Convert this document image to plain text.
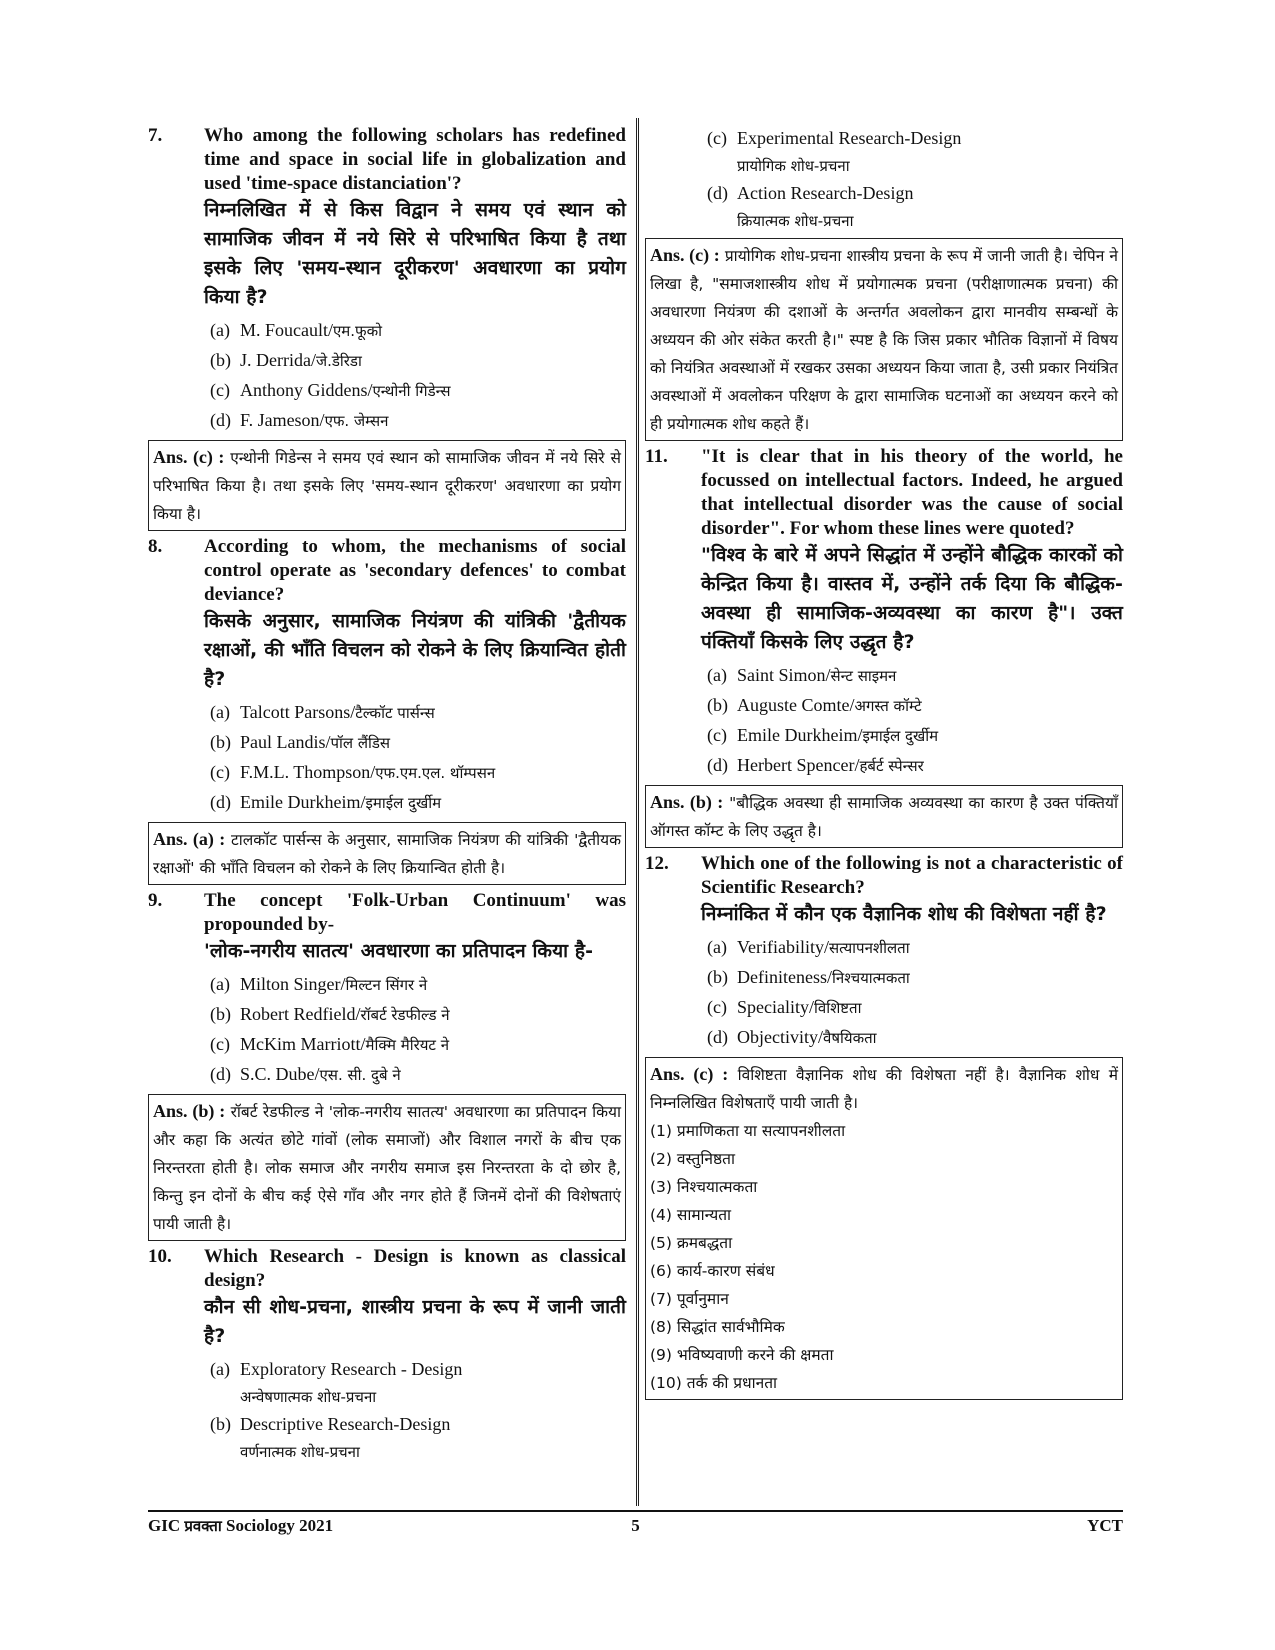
7. Who among the following scholars has redefined time and space in social life in globalization and used 'time-space distanciation'?
निम्नलिखित में से किस विद्वान ने समय एवं स्थान को सामाजिक जीवन में नये सिरे से परिभाषित किया है तथा इसके लिए 'समय-स्थान दूरीकरण' अवधारणा का प्रयोग किया है?
(a) M. Foucault/एम.फूको
(b) J. Derrida/जे.डेरिडा
(c) Anthony Giddens/एन्थोनी गिडेन्स
(d) F. Jameson/एफ. जेम्सन
Ans. (c) : एन्थोनी गिडेन्स ने समय एवं स्थान को सामाजिक जीवन में नये सिरे से परिभाषित किया है। तथा इसके लिए 'समय-स्थान दूरीकरण' अवधारणा का प्रयोग किया है।
8. According to whom, the mechanisms of social control operate as 'secondary defences' to combat deviance?
किसके अनुसार, सामाजिक नियंत्रण की यांत्रिकी 'द्वैतीयक रक्षाओं, की भाँति विचलन को रोकने के लिए क्रियान्वित होती है?
(a) Talcott Parsons/टैल्कॉट पार्सन्स
(b) Paul Landis/पॉल लैंडिस
(c) F.M.L. Thompson/एफ.एम.एल. थॉम्पसन
(d) Emile Durkheim/इमाईल दुर्खीम
Ans. (a) : टालकॉट पार्सन्स के अनुसार, सामाजिक नियंत्रण की यांत्रिकी 'द्वैतीयक रक्षाओं' की भाँति विचलन को रोकने के लिए क्रियान्वित होती है।
9. The concept 'Folk-Urban Continuum' was propounded by-
'लोक-नगरीय सातत्य' अवधारणा का प्रतिपादन किया है-
(a) Milton Singer/मिल्टन सिंगर ने
(b) Robert Redfield/रॉबर्ट रेडफील्ड ने
(c) McKim Marriott/मैक्मि मैरियट ने
(d) S.C. Dube/एस. सी. दुबे ने
Ans. (b) : रॉबर्ट रेडफील्ड ने 'लोक-नगरीय सातत्य' अवधारणा का प्रतिपादन किया और कहा कि अत्यंत छोटे गांवों (लोक समाजों) और विशाल नगरों के बीच एक निरन्तरता होती है। लोक समाज और नगरीय समाज इस निरन्तरता के दो छोर है, किन्तु इन दोनों के बीच कई ऐसे गाँव और नगर होते हैं जिनमें दोनों की विशेषताएं पायी जाती है।
10. Which Research - Design is known as classical design?
कौन सी शोध-प्रचना, शास्त्रीय प्रचना के रूप में जानी जाती है?
(a) Exploratory Research - Design
अन्वेषणात्मक शोध-प्रचना
(b) Descriptive Research-Design
वर्णनात्मक शोध-प्रचना
(c) Experimental Research-Design
प्रायोगिक शोध-प्रचना
(d) Action Research-Design
क्रियात्मक शोध-प्रचना
Ans. (c) : प्रायोगिक शोध-प्रचना शास्त्रीय प्रचना के रूप में जानी जाती है। चेपिन ने लिखा है, "समाजशास्त्रीय शोध में प्रयोगात्मक प्रचना (परीक्षाणात्मक प्रचना) की अवधारणा नियंत्रण की दशाओं के अन्तर्गत अवलोकन द्वारा मानवीय सम्बन्धों के अध्ययन की ओर संकेत करती है।" स्पष्ट है कि जिस प्रकार भौतिक विज्ञानों में विषय को नियंत्रित अवस्थाओं में रखकर उसका अध्ययन किया जाता है, उसी प्रकार नियंत्रित अवस्थाओं में अवलोकन परिक्षण के द्वारा सामाजिक घटनाओं का अध्ययन करने को ही प्रयोगात्मक शोध कहते हैं।
11. "It is clear that in his theory of the world, he focussed on intellectual factors. Indeed, he argued that intellectual disorder was the cause of social disorder". For whom these lines were quoted?
"विश्व के बारे में अपने सिद्धांत में उन्होंने बौद्धिक कारकों को केन्द्रित किया है। वास्तव में, उन्होंने तर्क दिया कि बौद्धिक-अवस्था ही सामाजिक-अव्यवस्था का कारण है"। उक्त पंक्तियाँ किसके लिए उद्धृत है?
(a) Saint Simon/सेन्ट साइमन
(b) Auguste Comte/अगस्त कॉम्टे
(c) Emile Durkheim/इमाईल दुर्खीम
(d) Herbert Spencer/हर्बर्ट स्पेन्सर
Ans. (b) : "बौद्धिक अवस्था ही सामाजिक अव्यवस्था का कारण है उक्त पंक्तियाँ ऑगस्त कॉम्ट के लिए उद्धृत है।
12. Which one of the following is not a characteristic of Scientific Research?
निम्नांकित में कौन एक वैज्ञानिक शोध की विशेषता नहीं है?
(a) Verifiability/सत्यापनशीलता
(b) Definiteness/निश्चयात्मकता
(c) Speciality/विशिष्टता
(d) Objectivity/वैषयिकता
Ans. (c) : विशिष्टता वैज्ञानिक शोध की विशेषता नहीं है। वैज्ञानिक शोध में निम्नलिखित विशेषताएँ पायी जाती है।
(1) प्रमाणिकता या सत्यापनशीलता
(2) वस्तुनिष्ठता
(3) निश्चयात्मकता
(4) सामान्यता
(5) क्रमबद्धता
(6) कार्य-कारण संबंध
(7) पूर्वानुमान
(8) सिद्धांत सार्वभौमिक
(9) भविष्यवाणी करने की क्षमता
(10) तर्क की प्रधानता
GIC प्रवक्ता Sociology 2021	5	YCT
